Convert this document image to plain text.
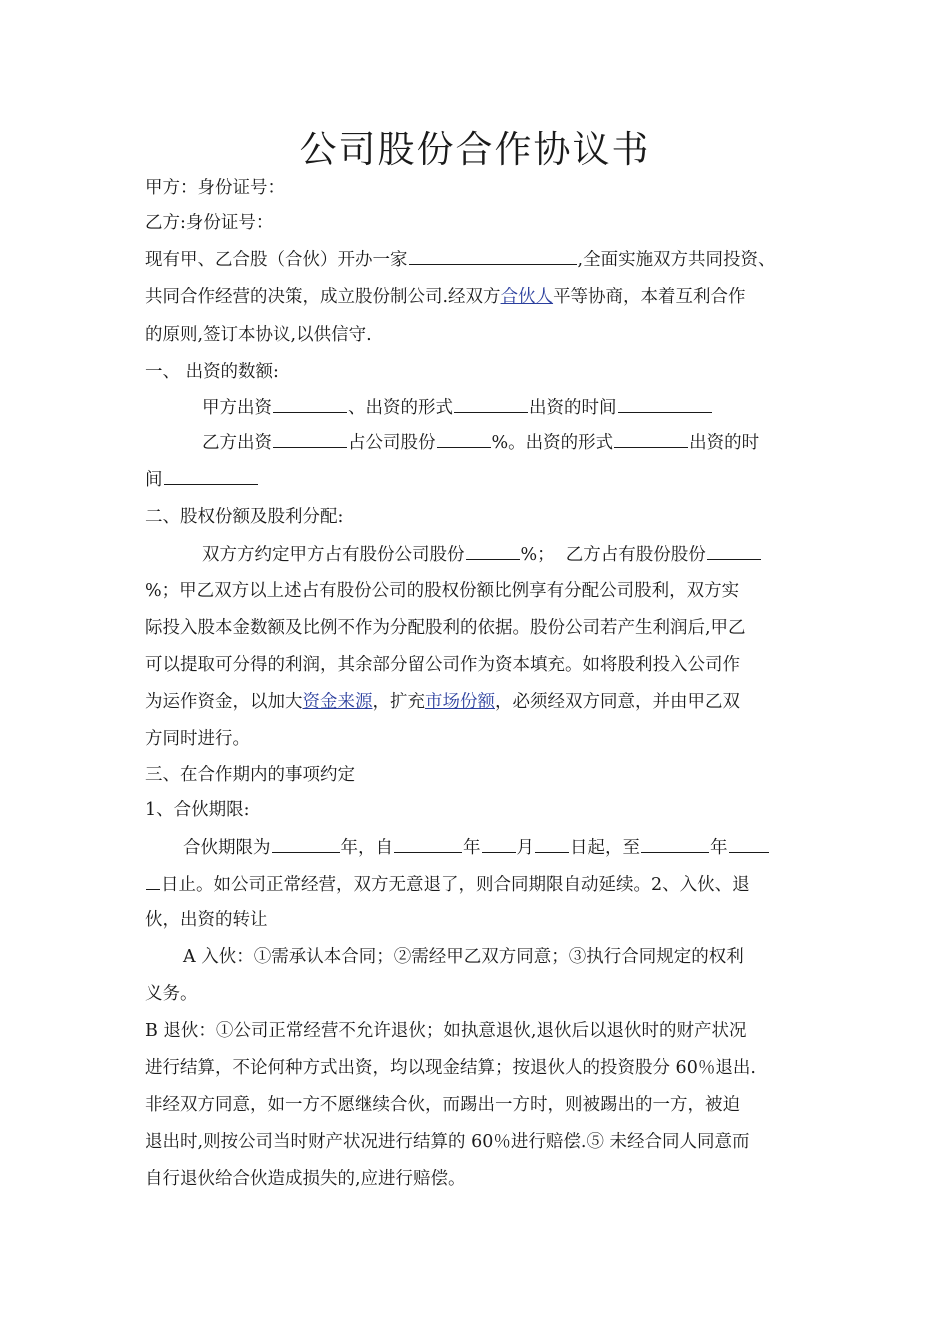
公司股份合作协议书
甲方：身份证号：
乙方:身份证号：
现有甲、乙合股（合伙）开办一家	,全面实施双方共同投资、
共同合作经营的决策，成立股份制公司.经双方合伙人平等协商，本着互利合作
的原则,签订本协议,以供信守.
一、 出资的数额:
甲方出资	、出资的形式	出资的时间
乙方出资	占公司股份	%。出资的形式	出资的时
间
二、股权份额及股利分配:
双方方约定甲方占有股份公司股份	%；  乙方占有股份股份
%；甲乙双方以上述占有股份公司的股权份额比例享有分配公司股利，双方实
际投入股本金数额及比例不作为分配股利的依据。股份公司若产生利润后,甲乙
可以提取可分得的利润，其余部分留公司作为资本填充。如将股利投入公司作
为运作资金，以加大资金来源，扩充市场份额，必须经双方同意，并由甲乙双
方同时进行。
三、在合作期内的事项约定
1、合伙期限:
合伙期限为	年，自	年 月 日起，至	年
日止。如公司正常经营，双方无意退了，则合同期限自动延续。2、入伙、退
伙，出资的转让
A 入伙：①需承认本合同；②需经甲乙双方同意；③执行合同规定的权利
义务。
B 退伙：①公司正常经营不允许退伙；如执意退伙,退伙后以退伙时的财产状况
进行结算，不论何种方式出资，均以现金结算；按退伙人的投资股分 60％退出.
非经双方同意，如一方不愿继续合伙，而踢出一方时，则被踢出的一方，被迫
退出时,则按公司当时财产状况进行结算的 60％进行赔偿.⑤ 未经合同人同意而
自行退伙给合伙造成损失的,应进行赔偿。
